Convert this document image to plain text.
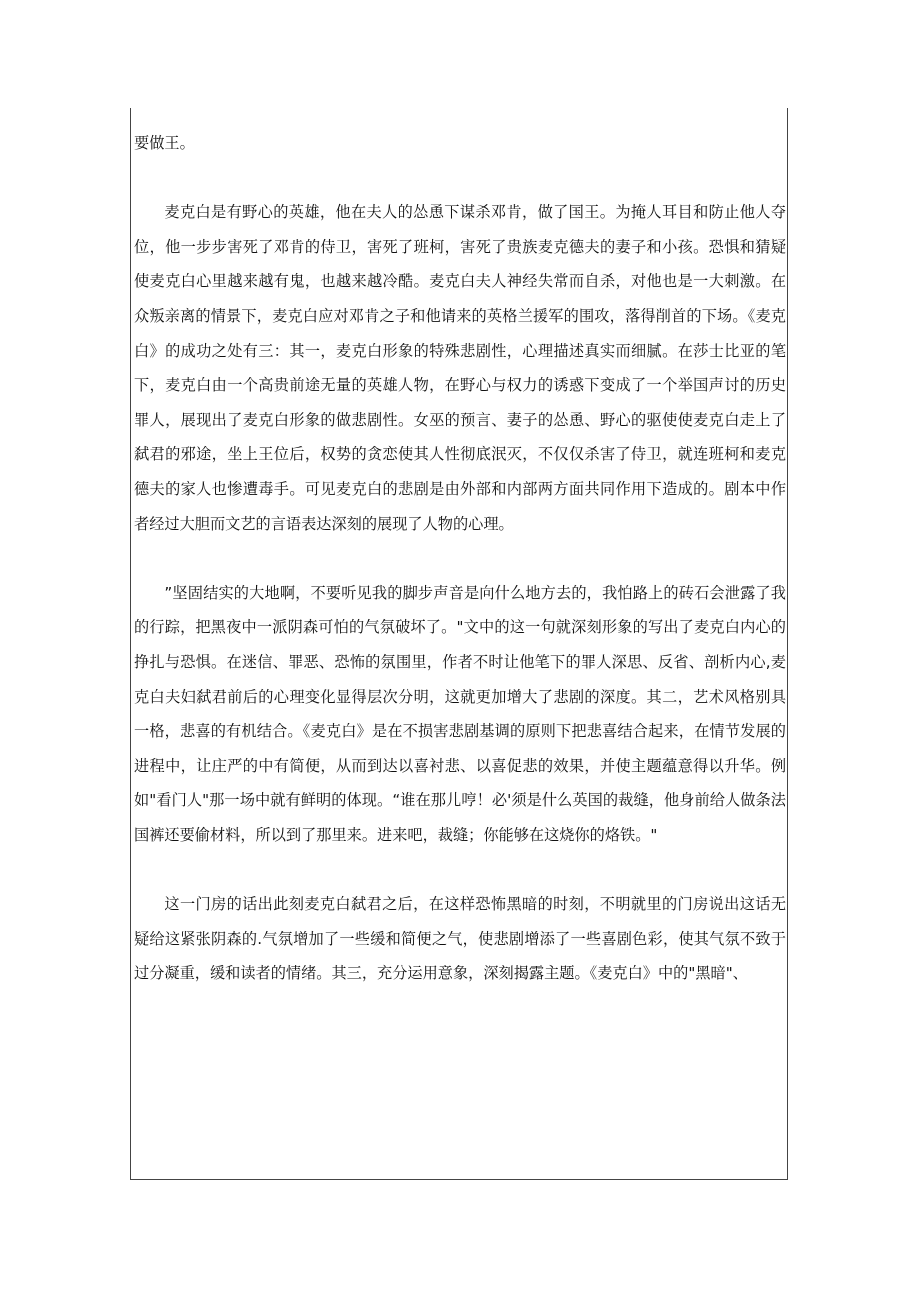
要做王。

麦克白是有野心的英雄，他在夫人的怂恿下谋杀邓肯，做了国王。为掩人耳目和防止他人夺位，他一步步害死了邓肯的侍卫，害死了班柯，害死了贵族麦克德夫的妻子和小孩。恐惧和猜疑使麦克白心里越来越有鬼，也越来越冷酷。麦克白夫人神经失常而自杀，对他也是一大刺激。在众叛亲离的情景下，麦克白应对邓肯之子和他请来的英格兰援军的围攻，落得削首的下场。《麦克白》的成功之处有三：其一，麦克白形象的特殊悲剧性，心理描述真实而细腻。在莎士比亚的笔下，麦克白由一个高贵前途无量的英雄人物，在野心与权力的诱惑下变成了一个举国声讨的历史罪人，展现出了麦克白形象的做悲剧性。女巫的预言、妻子的怂恿、野心的驱使使麦克白走上了弑君的邪途，坐上王位后，权势的贪恋使其人性彻底泯灭，不仅仅杀害了侍卫，就连班柯和麦克德夫的家人也惨遭毒手。可见麦克白的悲剧是由外部和内部两方面共同作用下造成的。剧本中作者经过大胆而文艺的言语表达深刻的展现了人物的心理。

”坚固结实的大地啊，不要听见我的脚步声音是向什么地方去的，我怕路上的砖石会泄露了我的行踪，把黑夜中一派阴森可怕的气氛破坏了。"文中的这一句就深刻形象的写出了麦克白内心的挣扎与恐惧。在迷信、罪恶、恐怖的氛围里，作者不时让他笔下的罪人深思、反省、剖析内心,麦克白夫妇弑君前后的心理变化显得层次分明，这就更加增大了悲剧的深度。其二，艺术风格别具一格，悲喜的有机结合。《麦克白》是在不损害悲剧基调的原则下把悲喜结合起来，在情节发展的进程中，让庄严的中有简便，从而到达以喜衬悲、以喜促悲的效果，并使主题蕴意得以升华。例如"看门人"那一场中就有鲜明的体现。“谁在那儿哼！必'须是什么英国的裁缝，他身前给人做条法国裤还要偷材料，所以到了那里来。进来吧，裁缝；你能够在这烧你的烙铁。"

这一门房的话出此刻麦克白弑君之后，在这样恐怖黑暗的时刻，不明就里的门房说出这话无疑给这紧张阴森的.气氛增加了一些缓和简便之气，使悲剧增添了一些喜剧色彩，使其气氛不致于过分凝重，缓和读者的情绪。其三，充分运用意象，深刻揭露主题。《麦克白》中的"黑暗"、
